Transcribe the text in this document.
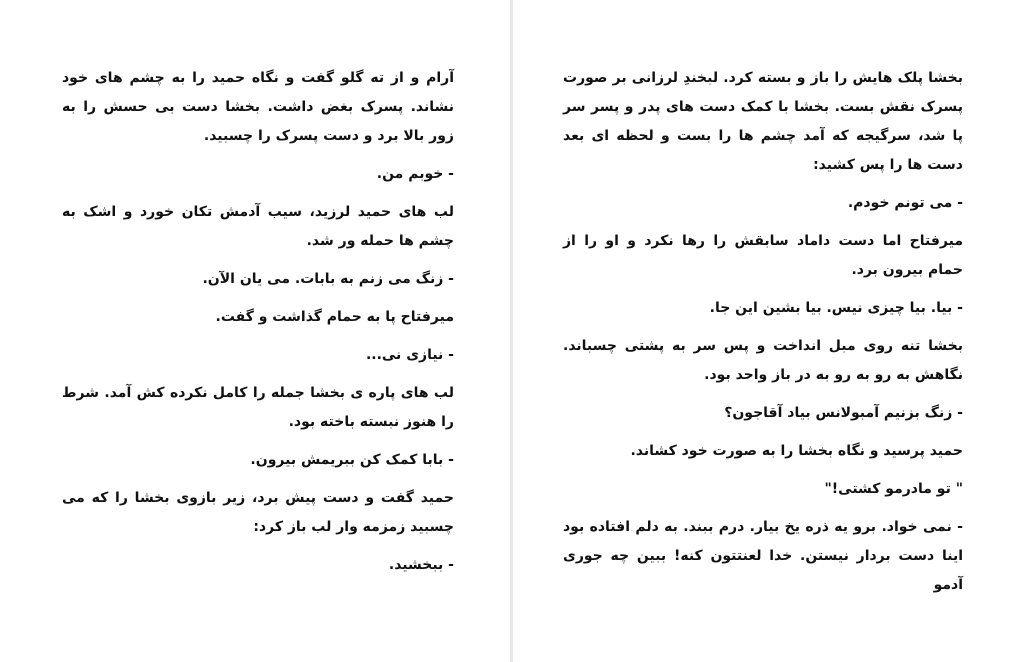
آرام و از ته گلو گفت و نگاه حمید را به چشم های خود نشاند. پسرک بغض داشت. بخشا دست بی حسش را به زور بالا برد و دست پسرک را چسبید.

- خوبم من.

لب های حمید لرزید، سیب آدمش تکان خورد و اشک به چشم ها حمله ور شد.

- زنگ می زنم به بابات. می یان الآن.

میرفتاح پا به حمام گذاشت و گفت.

- نیازی نی...

لب های پاره ی بخشا جمله را کامل نکرده کش آمد. شرط را هنوز نبسته باخته بود.

- بابا کمک کن ببریمش بیرون.

حمید گفت و دست پیش برد، زیر بازوی بخشا را که می چسبید زمزمه وار لب باز کرد:

- ببخشید.

بخشا پلک هایش را باز و بسته کرد. لبخندِ لرزانی بر صورت پسرک نقش بست. بخشا با کمک دست های پدر و پسر سر پا شد، سرگیجه که آمد چشم ها را بست و لحظه ای بعد دست ها را پس کشید:

- می تونم خودم.

میرفتاح اما دست داماد سابقش را رها نکرد و او را از حمام بیرون برد.

- بیا. بیا چیزی نیس. بیا بشین این جا.

بخشا تنه روی مبل انداخت و پس سر به پشتی چسباند. نگاهش به رو به رو به در باز واحد بود.

- زنگ بزنیم آمبولانس بیاد آقاجون؟

حمید پرسید و نگاه بخشا را به صورت خود کشاند.

" تو مادرمو کشتی!"

- نمی خواد. برو یه ذره یخ بیار. درم ببند. به دلم افتاده بود اینا دست بردار نیستن. خدا لعنتتون کنه! ببین چه جوری آدمو
